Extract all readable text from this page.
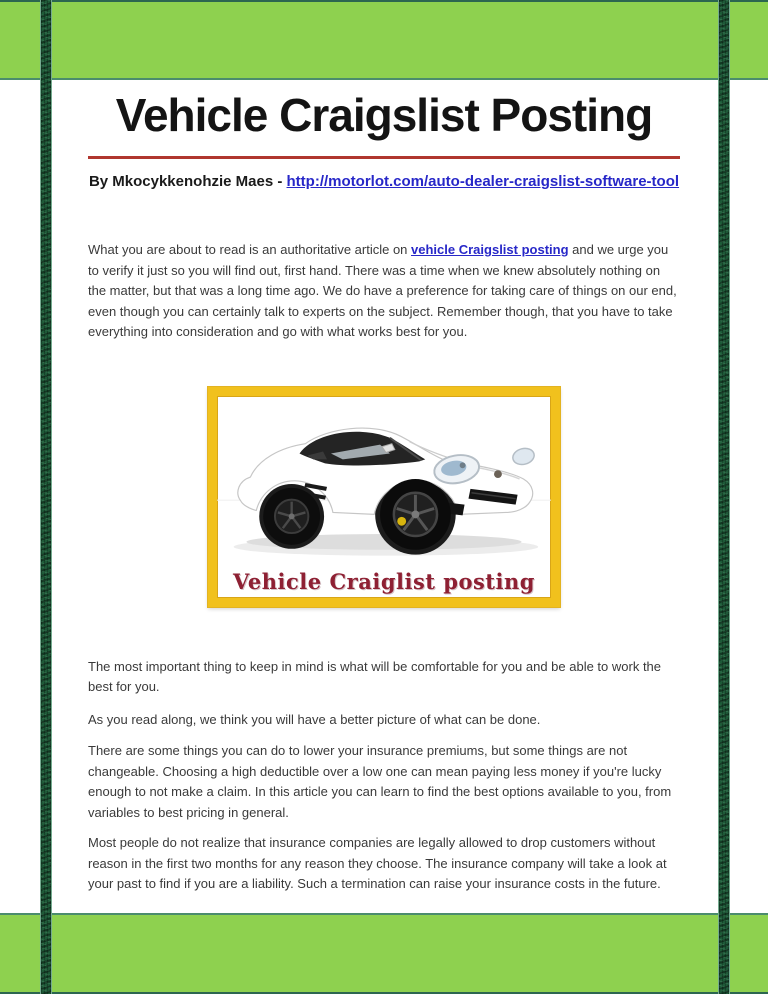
Vehicle Craigslist Posting
By Mkocykkenohzie Maes - http://motorlot.com/auto-dealer-craigslist-software-tool

What you are about to read is an authoritative article on vehicle Craigslist posting and we urge you to verify it just so you will find out, first hand. There was a time when we knew absolutely nothing on the matter, but that was a long time ago. We do have a preference for taking care of things on our end, even though you can certainly talk to experts on the subject. Remember though, that you have to take everything into consideration and go with what works best for you.

Vehicle Craiglist posting

The most important thing to keep in mind is what will be comfortable for you and be able to work the best for you.

As you read along, we think you will have a better picture of what can be done.

There are some things you can do to lower your insurance premiums, but some things are not changeable. Choosing a high deductible over a low one can mean paying less money if you're lucky enough to not make a claim. In this article you can learn to find the best options available to you, from variables to best pricing in general.

Most people do not realize that insurance companies are legally allowed to drop customers without reason in the first two months for any reason they choose. The insurance company will take a look at your past to find if you are a liability. Such a termination can raise your insurance costs in the future.
